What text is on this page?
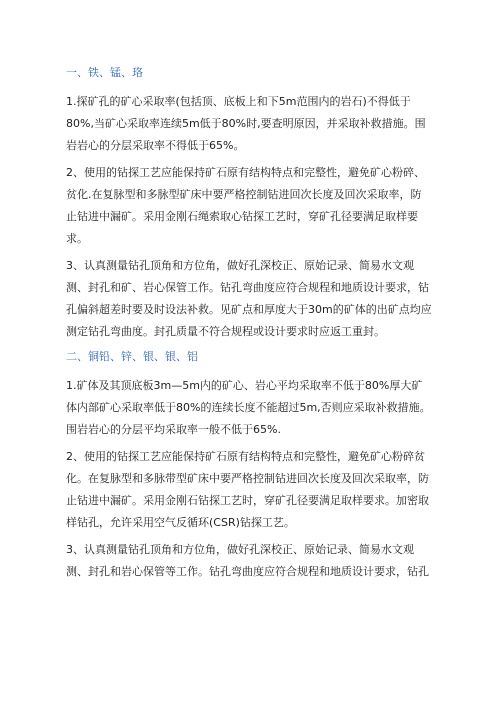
一、铁、锰、珞
1.探矿孔的矿心采取率(包括顶、底板上和下5m范围内的岩石)不得低于
80%,当矿心采取率连续5m低于80%时,要查明原因，并采取补救措施。围
岩岩心的分层采取率不得低于65%。
2、使用的钻探工艺应能保持矿石原有结构特点和完整性，避免矿心粉碎、
贫化.在复脉型和多脉型矿床中要严格控制钻进回次长度及回次采取率，防
止钻进中漏矿。采用金刚石绳索取心钻探工艺时，穿矿孔径要满足取样要
求。
3、认真测量钻孔顶角和方位角，做好孔深校正、原始记录、简易水文观
测、封孔和矿、岩心保管工作。钻孔弯曲度应符合规程和地质设计要求，钻
孔偏斜超差时要及时设法补救。见矿点和厚度大于30m的矿体的出矿点均应
测定钻孔弯曲度。封孔质量不符合规程或设计要求时应返工重封。
二、铜铅、锌、银、银、铝
1.矿体及其顶底板3m—5m内的矿心、岩心平均采取率不低于80%厚大矿
体内部矿心采取率低于80%的连续长度不能超过5m,否则应采取补救措施。
围岩岩心的分层平均采取率一般不低于65%.
2、使用的钻探工艺应能保持矿石原有结构特点和完整性，避免矿心粉碎贫
化。在复脉型和多脉带型矿床中要严格控制钻进回次长度及回次采取率，防
止钻进中漏矿。采用金刚石钻探工艺时，穿矿孔径要满足取样要求。加密取
样钻孔，允许采用空气反循环(CSR)钻探工艺。
3、认真测量钻孔顶角和方位角，做好孔深校正、原始记录、简易水文观
测、封孔和岩心保管等工作。钻孔弯曲度应符合规程和地质设计要求，钻孔
